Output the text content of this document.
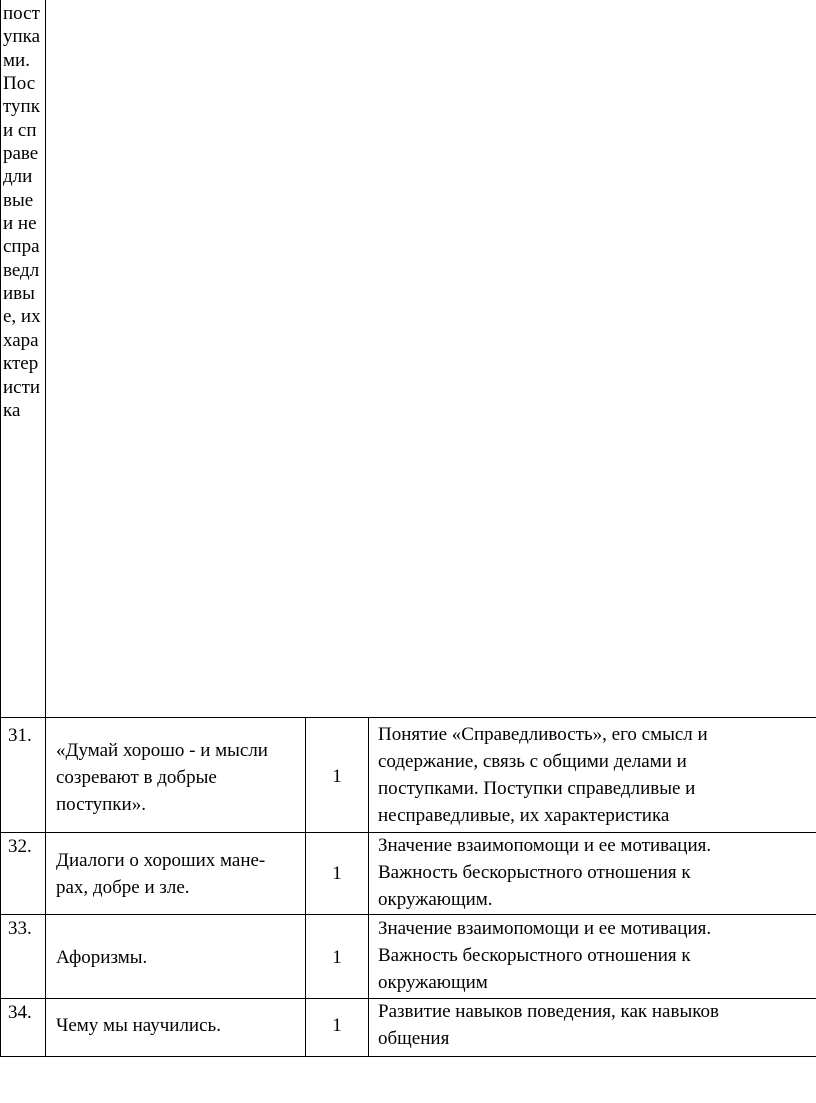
поступками. Поступки справедливые и несправедливые, их характеристика
31.
«Думай хорошо - и мысли
созревают в добрые
поступки».
1
Понятие «Справедливость», его смысл и
содержание, связь с общими делами и
поступками. Поступки справедливые и
несправедливые, их характеристика
32.
Диалоги о хороших мане-
рах, добре и зле.
1
Значение взаимопомощи и ее мотивация.
Важность бескорыстного отношения к
окружающим.
33.
Афоризмы.	1
Значение взаимопомощи и ее мотивация.
Важность бескорыстного отношения к
окружающим
34.
Чему мы научились.	1
Развитие навыков поведения, как навыков
общения
